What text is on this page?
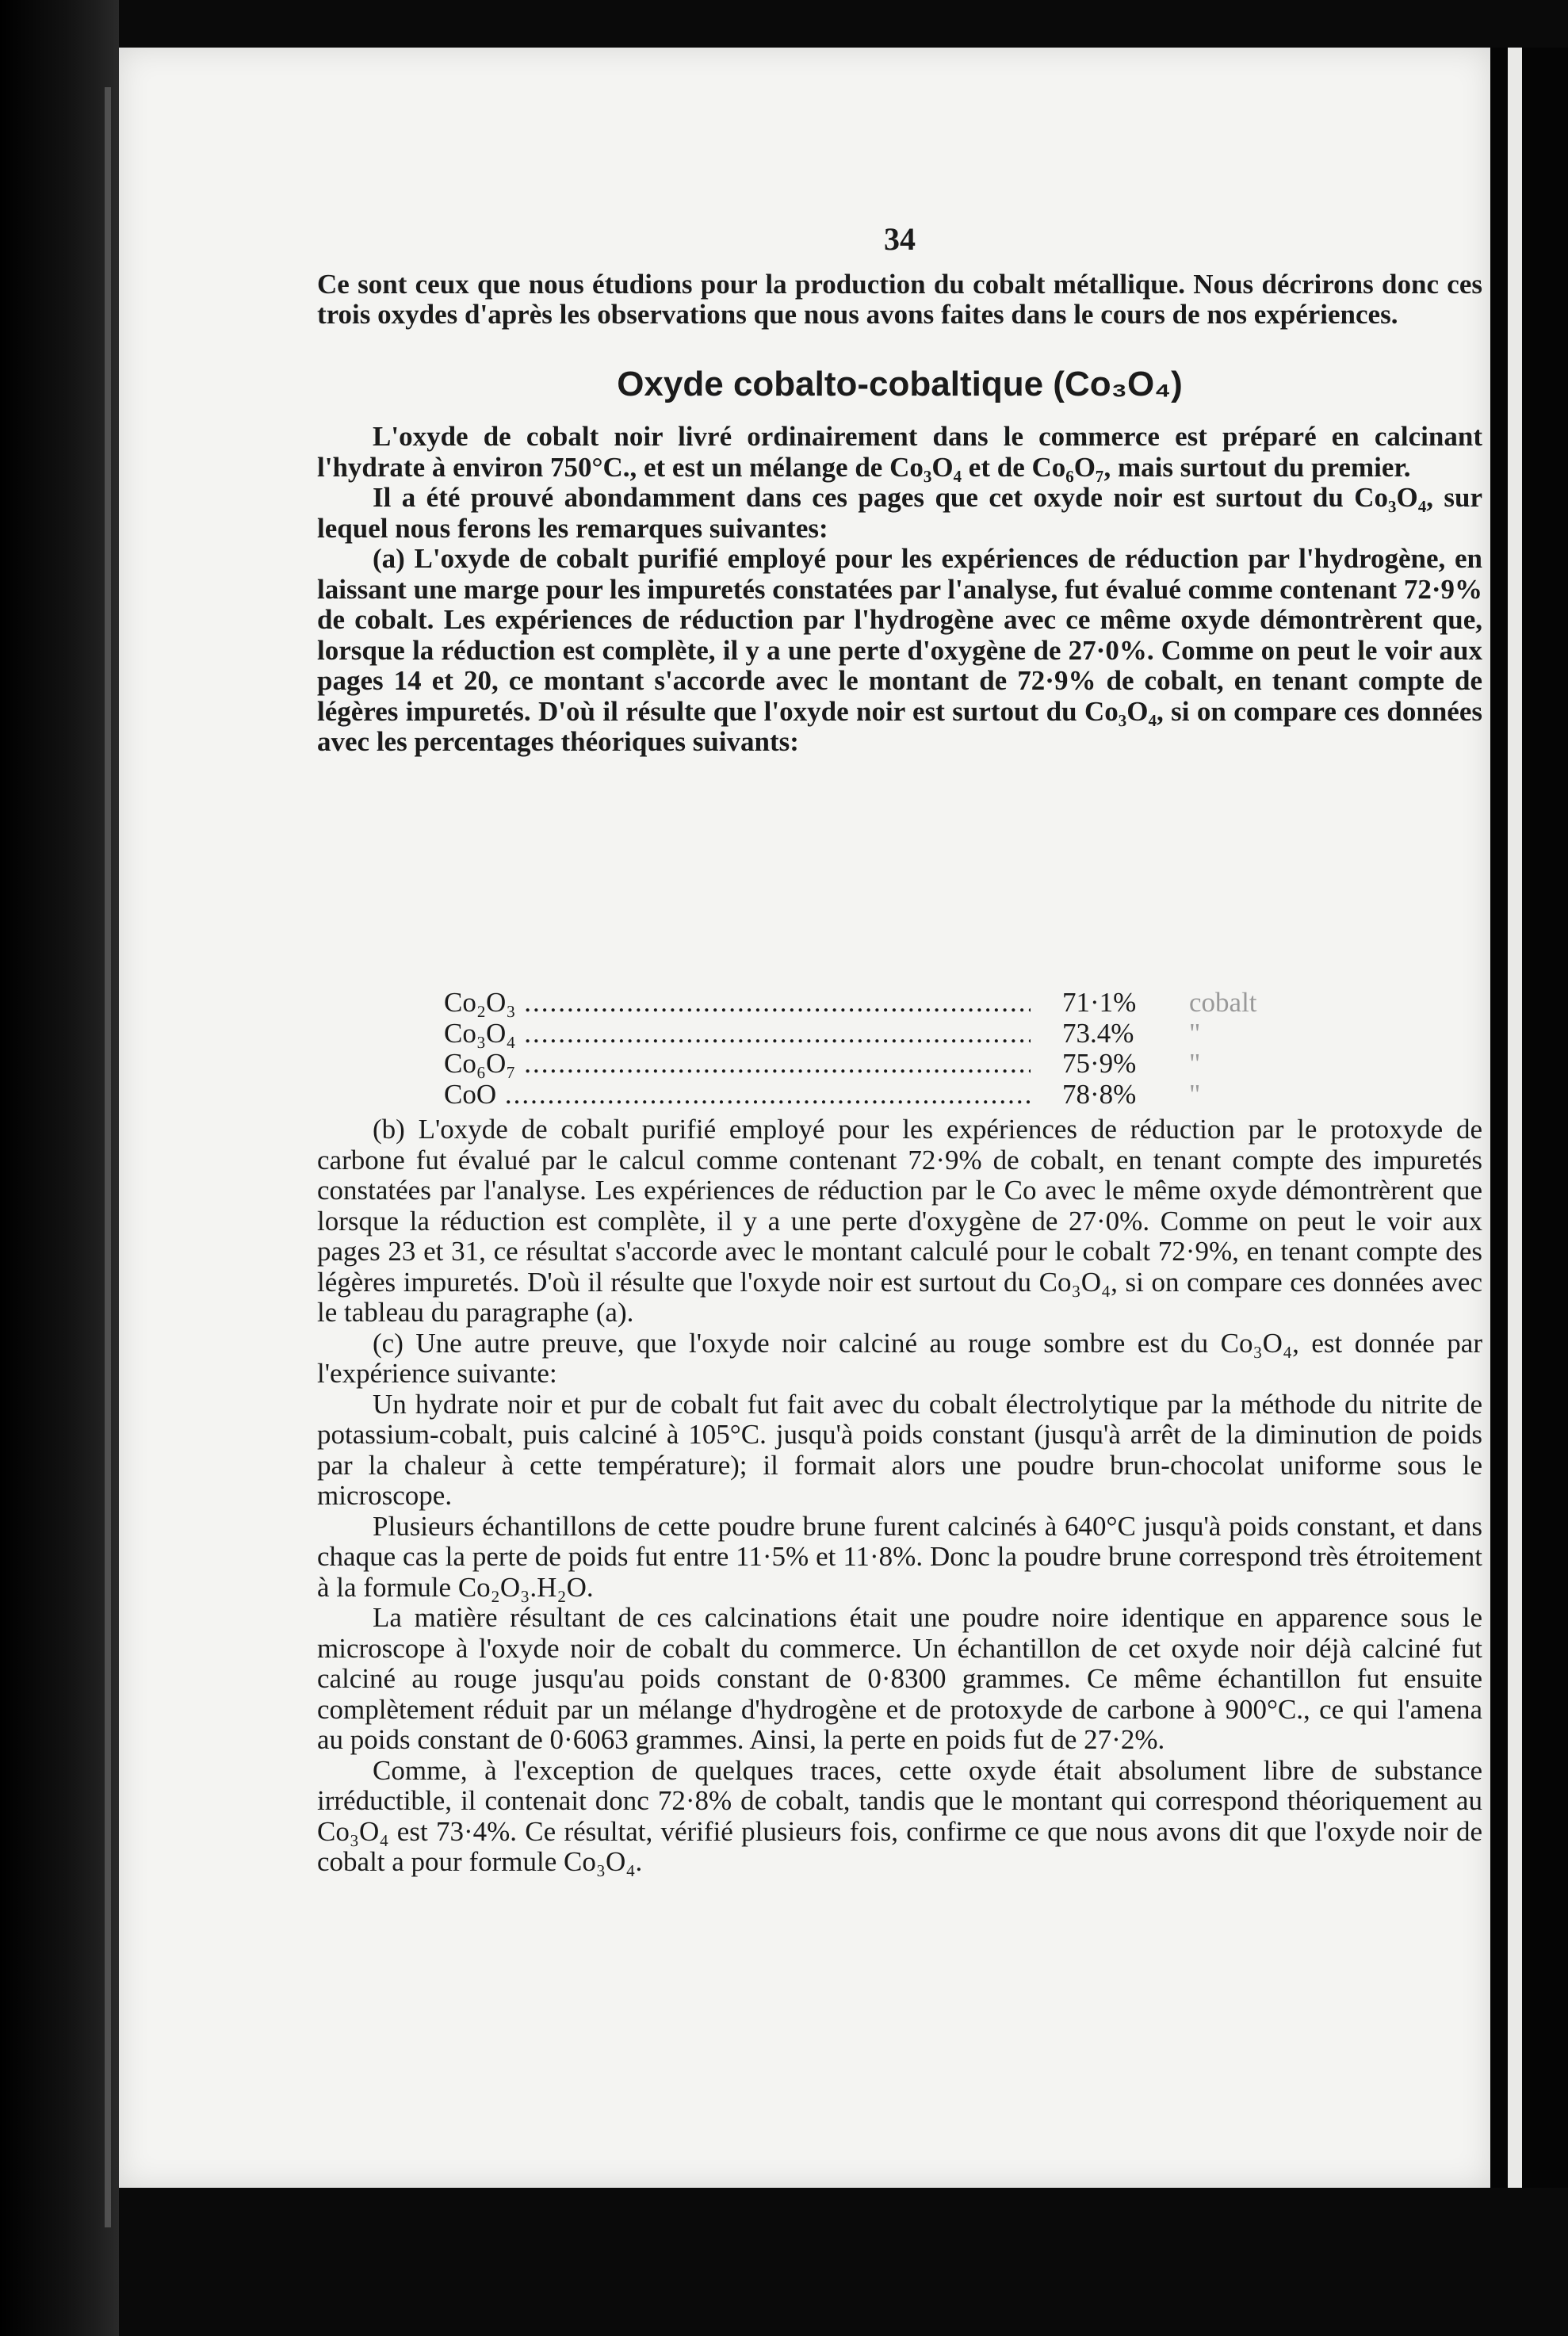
34
Ce sont ceux que nous étudions pour la production du cobalt métallique. Nous décrirons donc ces trois oxydes d'après les observations que nous avons faites dans le cours de nos expériences.
Oxyde cobalto-cobaltique (Co₃O₄)

L'oxyde de cobalt noir livré ordinairement dans le commerce est préparé en calcinant l'hydrate à environ 750°C., et est un mélange de Co₃O₄ et de Co₆O₇, mais surtout du premier.

Il a été prouvé abondamment dans ces pages que cet oxyde noir est surtout du Co₃O₄, sur lequel nous ferons les remarques suivantes:

(a) L'oxyde de cobalt purifié employé pour les expériences de réduction par l'hydrogène, en laissant une marge pour les impuretés constatées par l'analyse, fut évalué comme contenant 72·9% de cobalt. Les expériences de réduction par l'hydrogène avec ce même oxyde démontrèrent que, lorsque la réduction est complète, il y a une perte d'oxygène de 27·0%. Comme on peut le voir aux pages 14 et 20, ce montant s'accorde avec le montant de 72·9% de cobalt, en tenant compte de légères impuretés. D'où il résulte que l'oxyde noir est surtout du Co₃O₄, si on compare ces données avec les percentages théoriques suivants:

Co₂O₃ .....	71·1% cobalt
Co₃O₄ .....	73.4% "
Co₆O₇ .....	75·9% "
CoO .....	78·8% "

(b) L'oxyde de cobalt purifié employé pour les expériences de réduction par le protoxyde de carbone fut évalué par le calcul comme contenant 72·9% de cobalt, en tenant compte des impuretés constatées par l'analyse. Les expériences de réduction par le Co avec le même oxyde démontrèrent que lorsque la réduction est complète, il y a une perte d'oxygène de 27·0%. Comme on peut le voir aux pages 23 et 31, ce résultat s'accorde avec le montant calculé pour le cobalt 72·9%, en tenant compte des légères impuretés. D'où il résulte que l'oxyde noir est surtout du Co₃O₄, si on compare ces données avec le tableau du paragraphe (a).

(c) Une autre preuve, que l'oxyde noir calciné au rouge sombre est du Co₃O₄, est donnée par l'expérience suivante:

Un hydrate noir et pur de cobalt fut fait avec du cobalt électrolytique par la méthode du nitrite de potassium-cobalt, puis calciné à 105°C. jusqu'à poids constant (jusqu'à arrêt de la diminution de poids par la chaleur à cette température); il formait alors une poudre brun-chocolat uniforme sous le microscope.

Plusieurs échantillons de cette poudre brune furent calcinés à 640°C jusqu'à poids constant, et dans chaque cas la perte de poids fut entre 11·5% et 11·8%. Donc la poudre brune correspond très étroitement à la formule Co₂O₃.H₂O.

La matière résultant de ces calcinations était une poudre noire identique en apparence sous le microscope à l'oxyde noir de cobalt du commerce. Un échantillon de cet oxyde noir déjà calciné fut calciné au rouge jusqu'au poids constant de 0·8300 grammes. Ce même échantillon fut ensuite complètement réduit par un mélange d'hydrogène et de protoxyde de carbone à 900°C., ce qui l'amena au poids constant de 0·6063 grammes. Ainsi, la perte en poids fut de 27·2%.

Comme, à l'exception de quelques traces, cette oxyde était absolument libre de substance irréductible, il contenait donc 72·8% de cobalt, tandis que le montant qui correspond théoriquement au Co₃O₄ est 73·4%. Ce résultat, vérifié plusieurs fois, confirme ce que nous avons dit que l'oxyde noir de cobalt a pour formule Co₃O₄.
